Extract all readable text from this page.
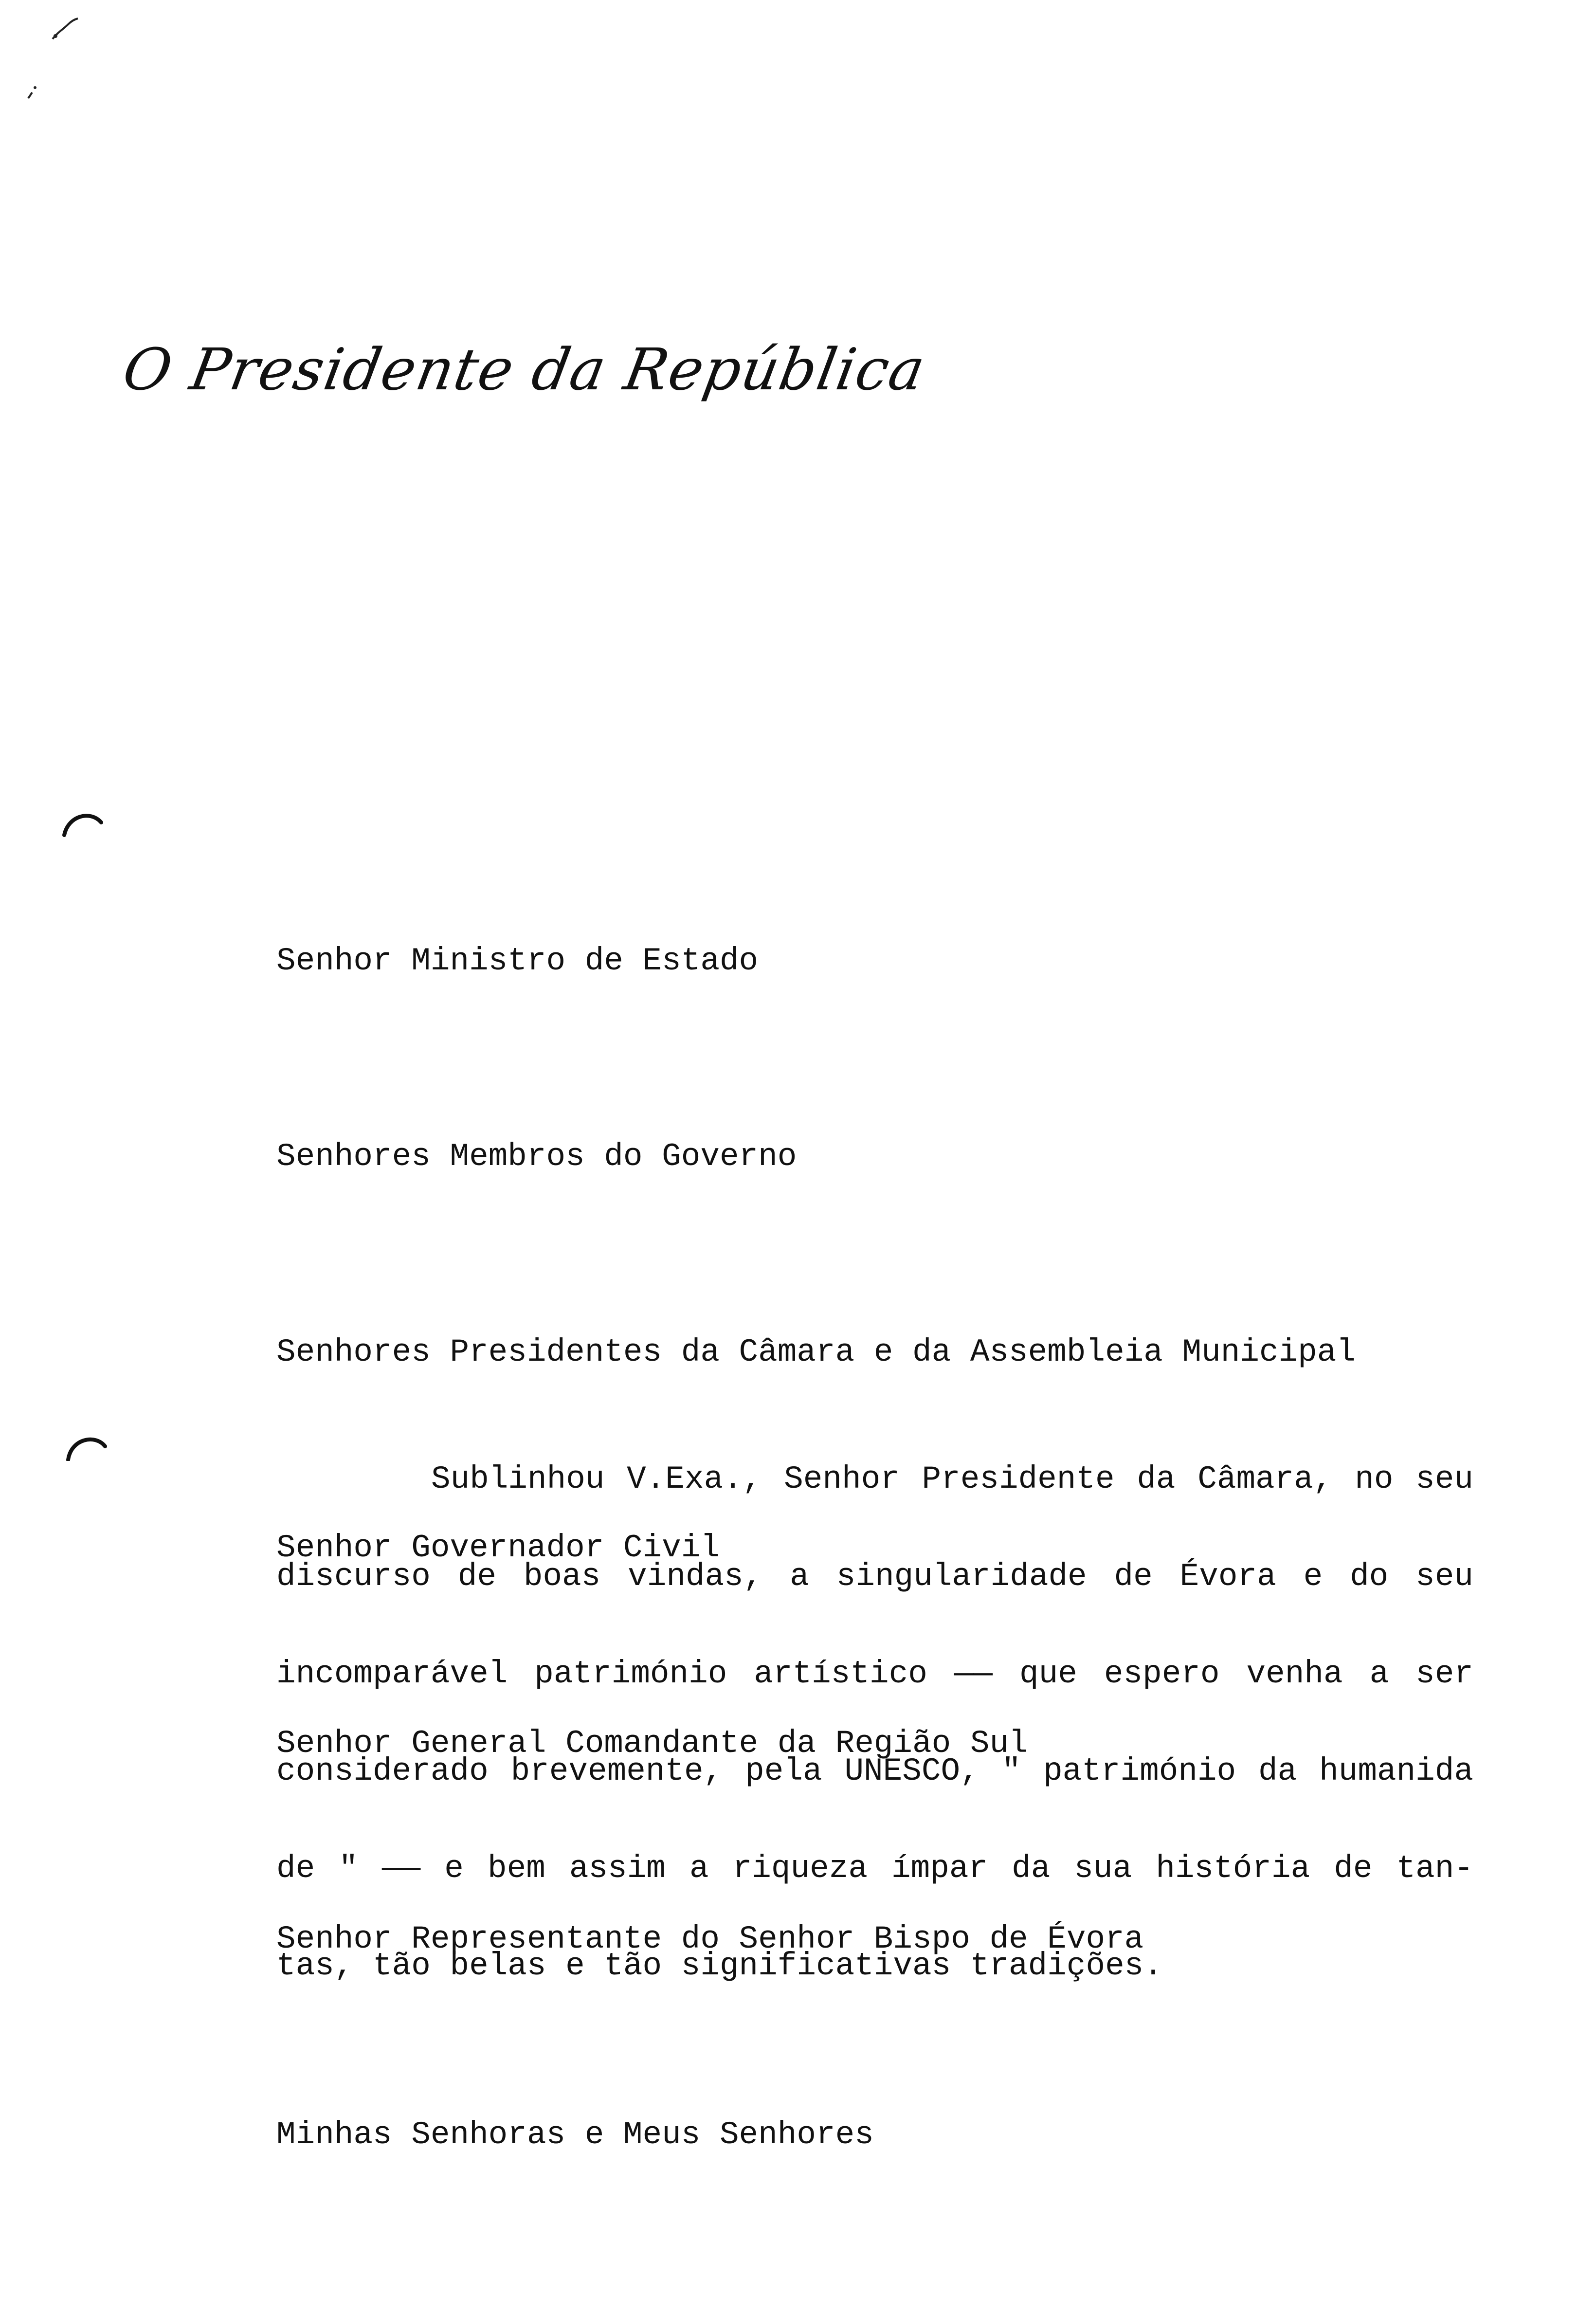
O Presidente da República

Senhor Ministro de Estado

Senhores Membros do Governo

Senhores Presidentes da Câmara e da Assembleia Municipal

Senhor Governador Civil

Senhor General Comandante da Região Sul

Senhor Representante do Senhor Bispo de Évora

Minhas Senhoras e Meus Senhores

Sublinhou V.Exa., Senhor Presidente da Câmara, no seu
discurso de boas vindas, a singularidade de Évora e do seu
incomparável património artístico —— que espero venha a ser
considerado brevemente, pela UNESCO, " património da humanida
de " —— e bem assim a riqueza ímpar da sua história de tan-
tas, tão belas e tão significativas tradições.
